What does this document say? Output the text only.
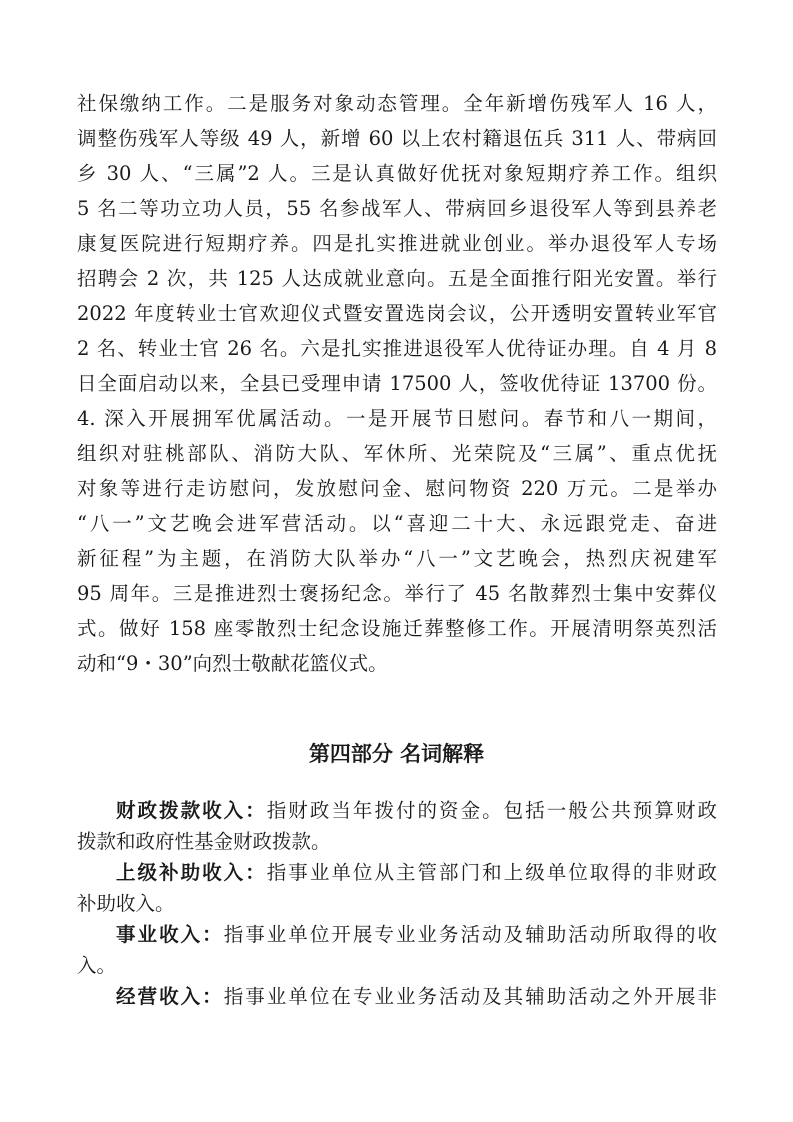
社保缴纳工作。二是服务对象动态管理。全年新增伤残军人 16 人，
调整伤残军人等级 49 人，新增 60 以上农村籍退伍兵 311 人、带病回
乡 30 人、“三属”2 人。三是认真做好优抚对象短期疗养工作。组织
5 名二等功立功人员，55 名参战军人、带病回乡退役军人等到县养老
康复医院进行短期疗养。四是扎实推进就业创业。举办退役军人专场
招聘会 2 次，共 125 人达成就业意向。五是全面推行阳光安置。举行
2022 年度转业士官欢迎仪式暨安置选岗会议，公开透明安置转业军官
2 名、转业士官 26 名。六是扎实推进退役军人优待证办理。自 4 月 8
日全面启动以来，全县已受理申请 17500 人，签收优待证 13700 份。
4. 深入开展拥军优属活动。一是开展节日慰问。春节和八一期间，
组织对驻桃部队、消防大队、军休所、光荣院及“三属”、重点优抚
对象等进行走访慰问，发放慰问金、慰问物资 220 万元。二是举办
“八一”文艺晚会进军营活动。以“喜迎二十大、永远跟党走、奋进
新征程”为主题，在消防大队举办“八一”文艺晚会，热烈庆祝建军
95 周年。三是推进烈士褒扬纪念。举行了 45 名散葬烈士集中安葬仪
式。做好 158 座零散烈士纪念设施迁葬整修工作。开展清明祭英烈活
动和“9・30”向烈士敬献花篮仪式。
第四部分 名词解释
财政拨款收入：指财政当年拨付的资金。包括一般公共预算财政
拨款和政府性基金财政拨款。
上级补助收入：指事业单位从主管部门和上级单位取得的非财政
补助收入。
事业收入：指事业单位开展专业业务活动及辅助活动所取得的收
入。
经营收入：指事业单位在专业业务活动及其辅助活动之外开展非
